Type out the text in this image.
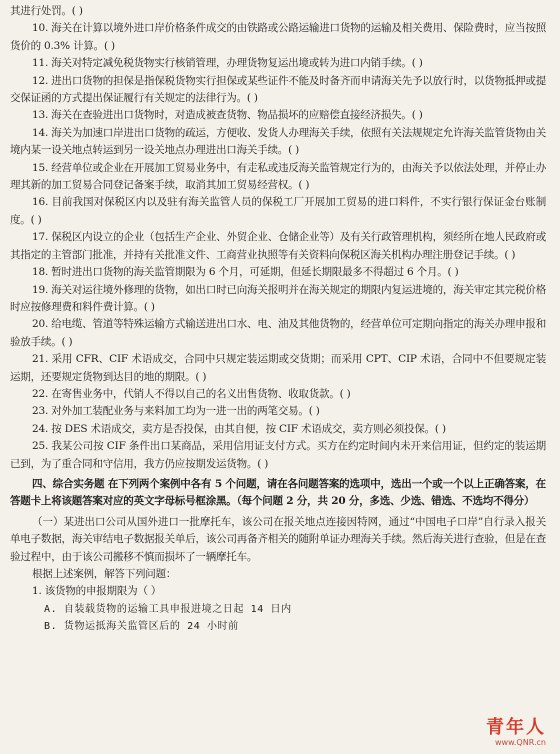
其进行处罚。( )
10. 海关在计算以境外进口岸价格条件成交的由铁路或公路运输进口货物的运输及相关费用、保险费时，应当按照货价的 0.3% 计算。( )
11. 海关对特定减免税货物实行核销管理，办理货物复运出境或转为进口内销手续。( )
12. 进出口货物的担保是指保税货物实行担保或某些证件不能及时备齐而申请海关先予以放行时，以货物抵押或提交保证函的方式提出保证履行有关规定的法律行为。( )
13. 海关在查验进出口货物时，对造成被查货物、物品损坏的应赔偿直接经济损失。( )
14. 海关为加速口岸进出口货物的疏运，方便收、发货人办理海关手续，依照有关法规规定允许海关监管货物由关境内某一设关地点转运到另一设关地点办理进出口海关手续。( )
15. 经营单位或企业在开展加工贸易业务中，有走私或违反海关监管规定行为的，由海关予以依法处理，并停止办理其新的加工贸易合同登记备案手续，取消其加工贸易经营权。( )
16. 目前我国对保税区内以及驻有海关监管人员的保税工厂开展加工贸易的进口料件，不实行银行保证金台账制度。( )
17. 保税区内设立的企业（包括生产企业、外贸企业、仓储企业等）及有关行政管理机构，须经所在地人民政府或其指定的主管部门批准，并持有关批准文件、工商营业执照等有关资料向保税区海关机构办理注册登记手续。( )
18. 暂时进出口货物的海关监管期限为 6 个月，可延期，但延长期限最多不得超过 6 个月。( )
19. 海关对运往境外修理的货物，如出口时已向海关报明并在海关规定的期限内复运进境的，海关审定其完税价格时应按修理费和料件费计算。( )
20. 给电缆、管道等特殊运输方式输送进出口水、电、油及其他货物的，经营单位可定期向指定的海关办理申报和验放手续。( )
21. 采用 CFR、CIF 术语成交，合同中只规定装运期或交货期；而采用 CPT、CIP 术语，合同中不但要规定装运期，还要规定货物到达目的地的期限。( )
22. 在寄售业务中，代销人不得以自己的名义出售货物、收取货款。( )
23. 对外加工装配业务与来料加工均为一进一出的两笔交易。( )
24. 按 DES 术语成交，卖方是否投保，由其自便，按 CIF 术语成交，卖方则必须投保。( )
25. 我某公司按 CIF 条件出口某商品，采用信用证支付方式。买方在约定时间内未开来信用证，但约定的装运期已到，为了重合同和守信用，我方仍应按期发运货物。( )
四、综合实务题 在下列两个案例中各有 5 个问题，请在各问题答案的选项中，选出一个或一个以上正确答案，在答题卡上将该题答案对应的英文字母标号框涂黑。（每个问题 2 分，共 20 分，多选、少选、错选、不选均不得分）
（一）某进出口公司从国外进口一批摩托车，该公司在报关地点连接因特网，通过“中国电子口岸”自行录入报关单电子数据，海关审结电子数据报关单后，该公司再备齐相关的随附单证办理海关手续。然后海关进行查验，但是在查验过程中，由于该公司搬移不慎而损坏了一辆摩托车。
根据上述案例，解答下列问题：
1. 该货物的申报期限为（ ）
A. 自装载货物的运输工具申报进境之日起 14 日内
B. 货物运抵海关监管区后的 24 小时前
青年人
www.QNR.cn
